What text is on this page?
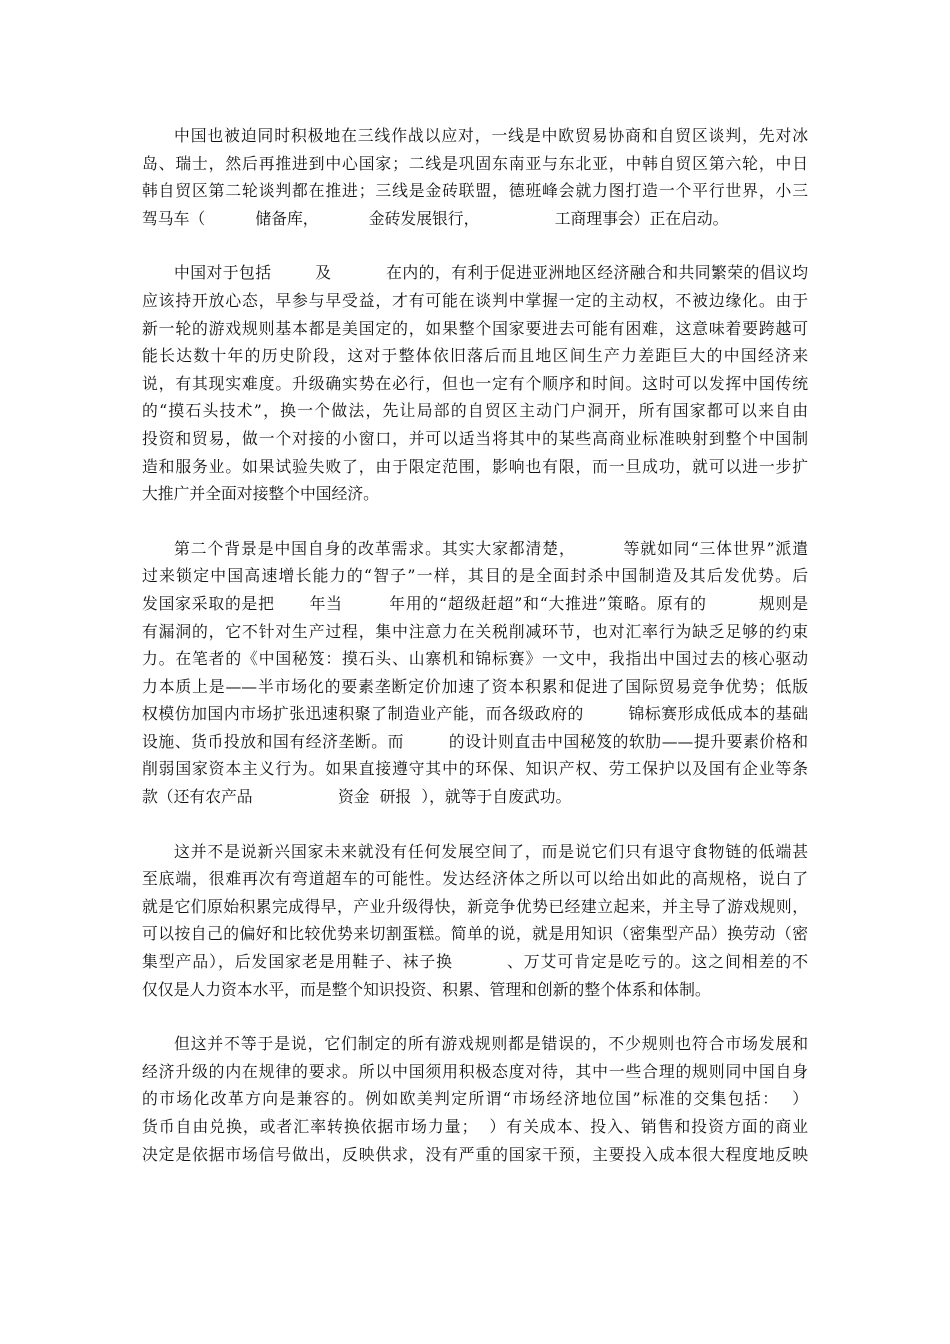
中国也被迫同时积极地在三线作战以应对，一线是中欧贸易协商和自贸区谈判，先对冰
岛、瑞士，然后再推进到中心国家；二线是巩固东南亚与东北亚，中韩自贸区第六轮，中日
韩自贸区第二轮谈判都在推进；三线是金砖联盟，德班峰会就力图打造一个平行世界，小三
驾马车（          储备库，          金砖发展银行，               工商理事会）正在启动。
中国对于包括        及          在内的，有利于促进亚洲地区经济融合和共同繁荣的倡议均
应该持开放心态，早参与早受益，才有可能在谈判中掌握一定的主动权，不被边缘化。由于
新一轮的游戏规则基本都是美国定的，如果整个国家要进去可能有困难，这意味着要跨越可
能长达数十年的历史阶段，这对于整体依旧落后而且地区间生产力差距巨大的中国经济来
说，有其现实难度。升级确实势在必行，但也一定有个顺序和时间。这时可以发挥中国传统
的“摸石头技术”，换一个做法，先让局部的自贸区主动门户洞开，所有国家都可以来自由
投资和贸易，做一个对接的小窗口，并可以适当将其中的某些高商业标准映射到整个中国制
造和服务业。如果试验失败了，由于限定范围，影响也有限，而一旦成功，就可以进一步扩
大推广并全面对接整个中国经济。
第二个背景是中国自身的改革需求。其实大家都清楚，        等就如同“三体世界”派遣
过来锁定中国高速增长能力的“智子”一样，其目的是全面封杀中国制造及其后发优势。后
发国家采取的是把      年当        年用的“超级赶超”和“大推进”策略。原有的         规则是
有漏洞的，它不针对生产过程，集中注意力在关税削减环节，也对汇率行为缺乏足够的约束
力。在笔者的《中国秘笈：摸石头、山寨机和锦标赛》一文中，我指出中国过去的核心驱动
力本质上是——半市场化的要素垄断定价加速了资本积累和促进了国际贸易竞争优势；低版
权模仿加国内市场扩张迅速积聚了制造业产能，而各级政府的        锦标赛形成低成本的基础
设施、货币投放和国有经济垄断。而        的设计则直击中国秘笈的软肋——提升要素价格和
削弱国家资本主义行为。如果直接遵守其中的环保、知识产权、劳工保护以及国有企业等条
款（还有农产品                 资金  研报  ），就等于自废武功。
这并不是说新兴国家未来就没有任何发展空间了，而是说它们只有退守食物链的低端甚
至底端，很难再次有弯道超车的可能性。发达经济体之所以可以给出如此的高规格，说白了
就是它们原始积累完成得早，产业升级得快，新竞争优势已经建立起来，并主导了游戏规则，
可以按自己的偏好和比较优势来切割蛋糕。简单的说，就是用知识（密集型产品）换劳动（密
集型产品），后发国家老是用鞋子、袜子换         、万艾可肯定是吃亏的。这之间相差的不
仅仅是人力资本水平，而是整个知识投资、积累、管理和创新的整个体系和体制。
但这并不等于是说，它们制定的所有游戏规则都是错误的，不少规则也符合市场发展和
经济升级的内在规律的要求。所以中国须用积极态度对待，其中一些合理的规则同中国自身
的市场化改革方向是兼容的。例如欧美判定所谓“市场经济地位国”标准的交集包括：  ）
货币自由兑换，或者汇率转换依据市场力量；  ）有关成本、投入、销售和投资方面的商业
决定是依据市场信号做出，反映供求，没有严重的国家干预，主要投入成本很大程度地反映
